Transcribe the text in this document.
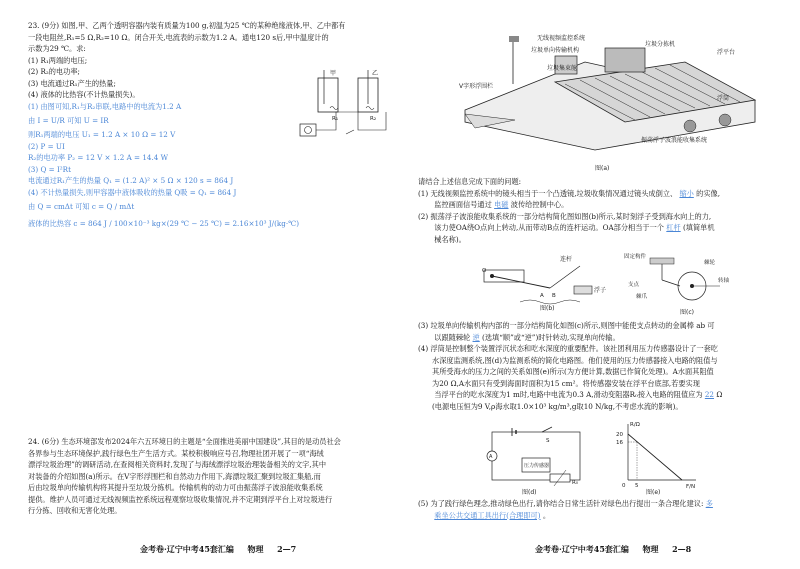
23. (9分) 如图,甲、乙两个透明容器内装有质量为100 g,初温为25 ℃的某种绝缘液体,甲、乙中都有
一段电阻丝,R₁=5 Ω,R₂=10 Ω。闭合开关,电流表的示数为1.2 A。通电120 s后,甲中温度计的
示数为29 ℃。求:
(1) R₁两端的电压;
(2) R₂的电功率;
(3) 电流通过R₁产生的热量;
(4) 液体的比热容(不计热量损失)。
(1) 由图可知,R₁与R₂串联,电路中的电流为1.2 A
由 I = U/R 可知 U = IR
则R₁两端的电压 U₁ = 1.2 A × 10 Ω = 12 V
(2) P = UI
R₂的电功率 P₂ = 12 V × 1.2 A = 14.4 W
(3) Q = I²Rt
电流通过R₁产生的热量 Q₁ = (1.2 A)² × 5 Ω × 120 s = 864 J
(4) 不计热量损失,则甲容器中液体吸收的热量 Q吸 = Q₁ = 864 J
由 Q = cmΔt 可知 c = Q / mΔt
液体的比热容 c = 864 J / 100×10⁻³ kg×(29 ℃ − 25 ℃) = 2.16×10³ J/(kg·℃)
24. (6分) 生态环境部发布2024年六五环境日的主题是“全面推进美丽中国建设”,其目的是动员社会
各界参与生态环境保护,践行绿色生产生活方式。某校积极响应号召,物理社团开展了一项“海绒
漂浮垃圾治理”的调研活动,在查阅相关资料时,发现了与海绒漂浮垃圾治理装备相关的文字,其中
对装备的介绍如图(a)所示。在V字形浮围栏和自然动力作用下,海漂垃圾汇聚到垃圾汇集船,而
后由垃圾单向传输机构将其提升至垃圾分拣机。传输机构的动力可由振荡浮子波浪能收集系统
提供。维护人员可通过无线视频监控系统远程观察垃圾收集情况,并不定期到浮平台上对垃圾进行
行分拣、回收和无害化处理。
甲	乙
R₁	R₂
无线视频监控系统
垃圾分拣机
垃圾单向传输机构
垃圾集束舱
浮平台
V字形浮围栏
浮筒
振荡浮子波浪能收集系统
图(a)
请结合上述信息完成下面的问题:
(1) 无线视频监控系统中的镜头相当于一个凸透镜,垃圾收集情况通过镜头成倒立、 缩小 的实像,
监控画面信号通过 电磁 波传给控制中心。
(2) 振荡浮子波浪能收集系统的一部分结构简化图如图(b)所示,某时刻浮子受到海水向上的力,
该力使OA绕O点向上转动,从而带动B点的连杆运动。OA部分相当于一个 杠杆 (填简单机
械名称)。
O
A B
连杆
浮子
图(b)
固定构件
支点
棘爪
棘轮
转轴
图(c)
(3) 垃圾单向传输机构内部的一部分结构简化如图(c)所示,则图中能使支点转动的金属棒 ab 可
以跟随棘轮 逆 (选填“顺”或“逆”)时针转动,实现单向传输。
(4) 浮筒是控制整个装置浮沉状态和吃水深度的重要配件。该社团利用压力传感器设计了一套吃
水深度监测系统,图(d)为监测系统的简化电路图。他们使用的压力传感器接入电路的阻值与
其所受海水的压力之间的关系如图(e)所示(为方便计算,数据已作简化处理)。A水面其阻值
为20 Ω,A水面只有受到海面时面积为15 cm²。将传感器安装在浮平台底部,若要实现
当浮平台的吃水深度为1 m时,电路中电流为0.3 A,滑动变阻器R₀接入电路的阻值应为 22 Ω
(电源电压恒为9 V,ρ海水取1.0×10³ kg/m³,g取10 N/kg,不考虑水流的影响)。
S
A
压力传感器
R₀
图(d)
R/Ω
F/N
20
16
5
0
图(e)
(5) 为了践行绿色理念,推动绿色出行,请你结合日常生活针对绿色出行提出一条合理化建议: 多
乘坐公共交通工具出行(合理即可) 。
金考卷·辽宁中考45套汇编 物理 2—7	金考卷·辽宁中考45套汇编 物理 2—8
